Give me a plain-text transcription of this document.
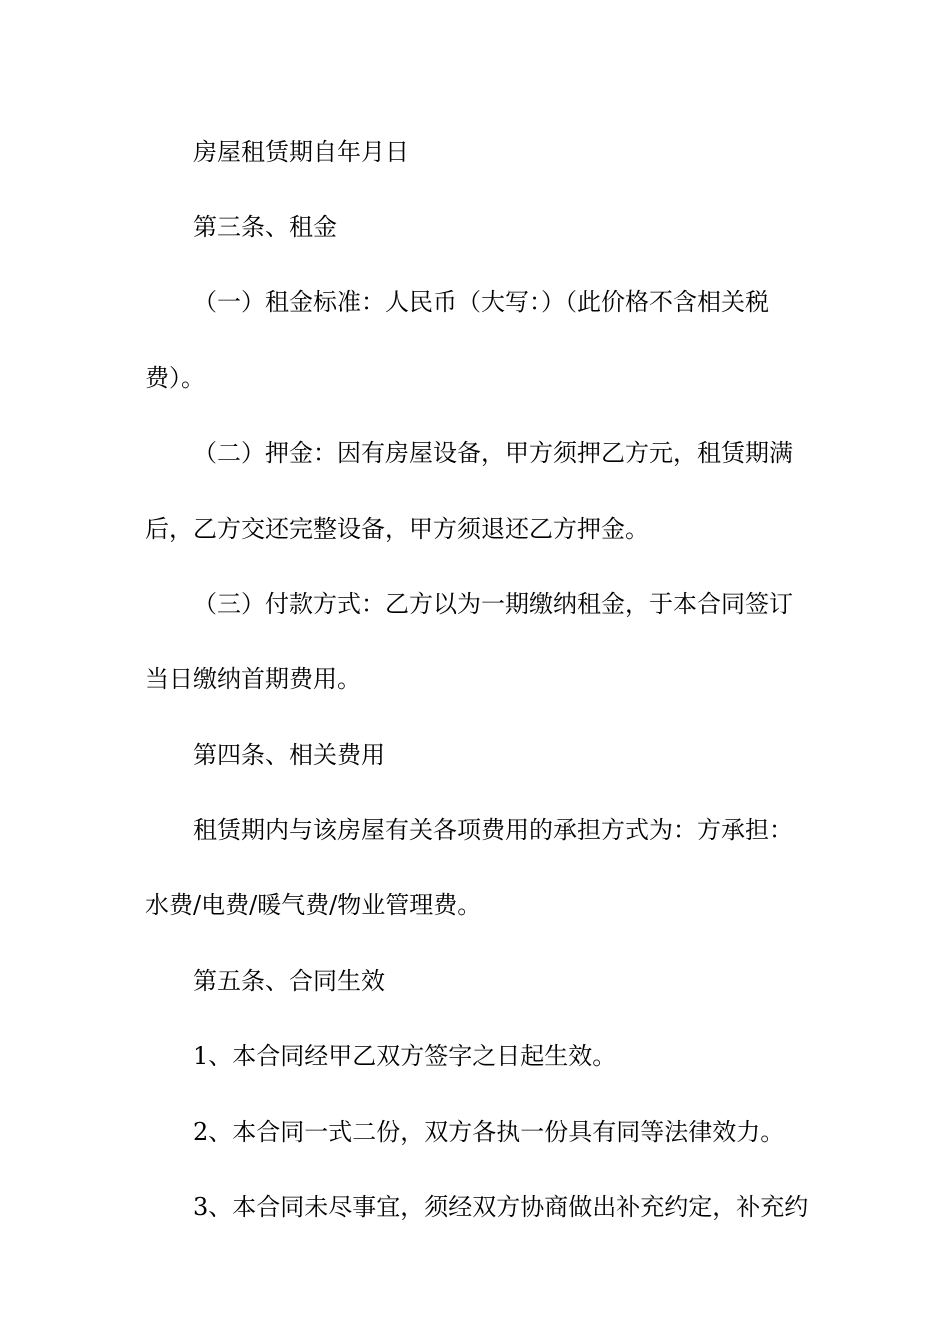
房屋租赁期自年月日
第三条、租金
（一）租金标准：人民币（大写：）（此价格不含相关税
费）。
（二）押金：因有房屋设备，甲方须押乙方元，租赁期满
后，乙方交还完整设备，甲方须退还乙方押金。
（三）付款方式：乙方以为一期缴纳租金，于本合同签订
当日缴纳首期费用。
第四条、相关费用
租赁期内与该房屋有关各项费用的承担方式为：方承担：
水费/电费/暖气费/物业管理费。
第五条、合同生效
1、本合同经甲乙双方签字之日起生效。
2、本合同一式二份，双方各执一份具有同等法律效力。
3、本合同未尽事宜，须经双方协商做出补充约定，补充约
